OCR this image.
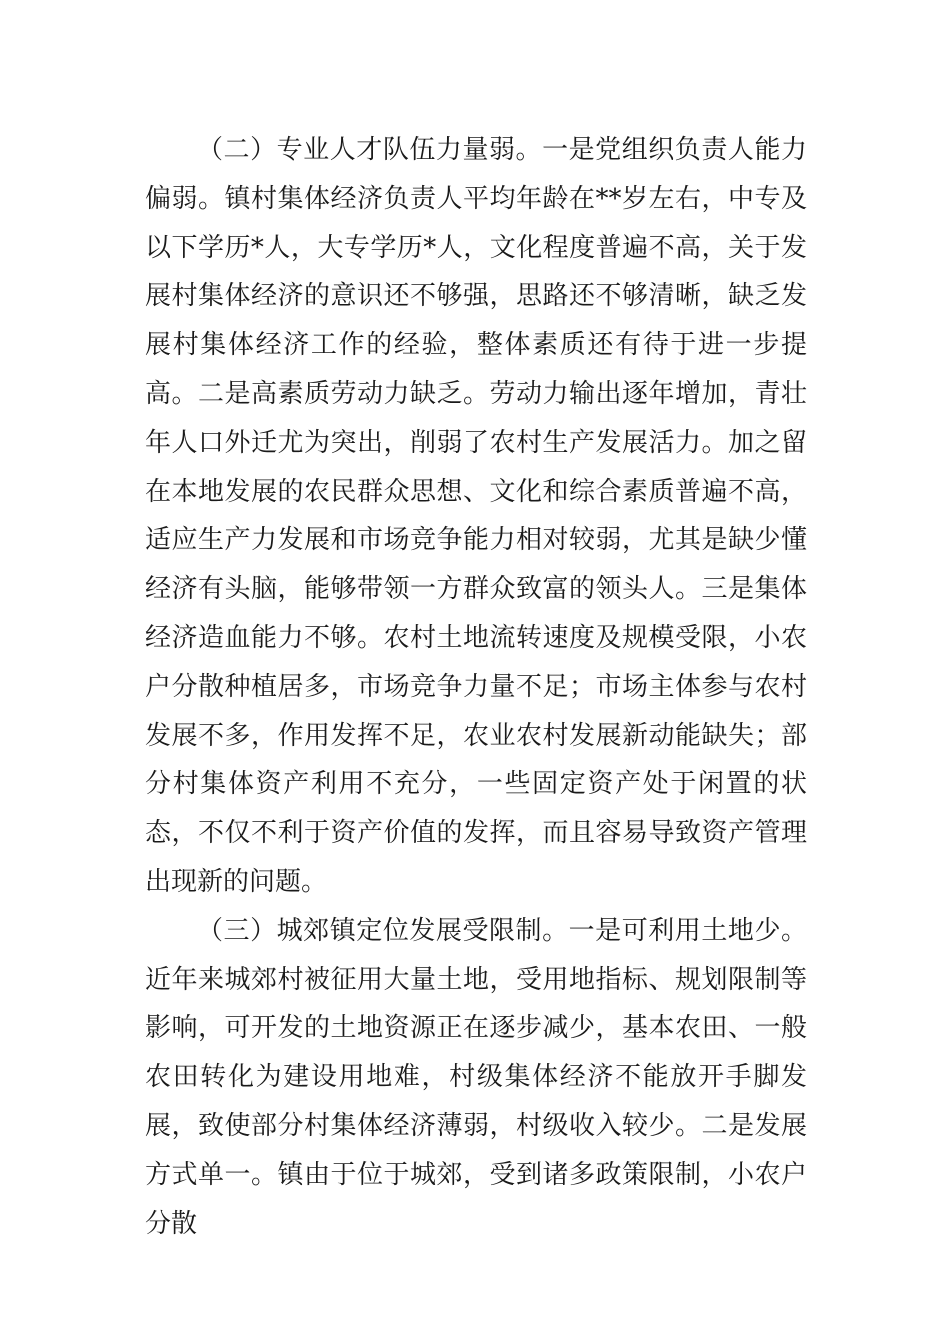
（二）专业人才队伍力量弱。一是党组织负责人能力偏弱。镇村集体经济负责人平均年龄在**岁左右，中专及以下学历*人，大专学历*人，文化程度普遍不高，关于发展村集体经济的意识还不够强，思路还不够清晰，缺乏发展村集体经济工作的经验，整体素质还有待于进一步提高。二是高素质劳动力缺乏。劳动力输出逐年增加，青壮年人口外迁尤为突出，削弱了农村生产发展活力。加之留在本地发展的农民群众思想、文化和综合素质普遍不高，适应生产力发展和市场竞争能力相对较弱，尤其是缺少懂经济有头脑，能够带领一方群众致富的领头人。三是集体经济造血能力不够。农村土地流转速度及规模受限，小农户分散种植居多，市场竞争力量不足；市场主体参与农村发展不多，作用发挥不足，农业农村发展新动能缺失；部分村集体资产利用不充分，一些固定资产处于闲置的状态，不仅不利于资产价值的发挥，而且容易导致资产管理出现新的问题。

（三）城郊镇定位发展受限制。一是可利用土地少。近年来城郊村被征用大量土地，受用地指标、规划限制等影响，可开发的土地资源正在逐步减少，基本农田、一般农田转化为建设用地难，村级集体经济不能放开手脚发展，致使部分村集体经济薄弱，村级收入较少。二是发展方式单一。镇由于位于城郊，受到诸多政策限制，小农户分散
